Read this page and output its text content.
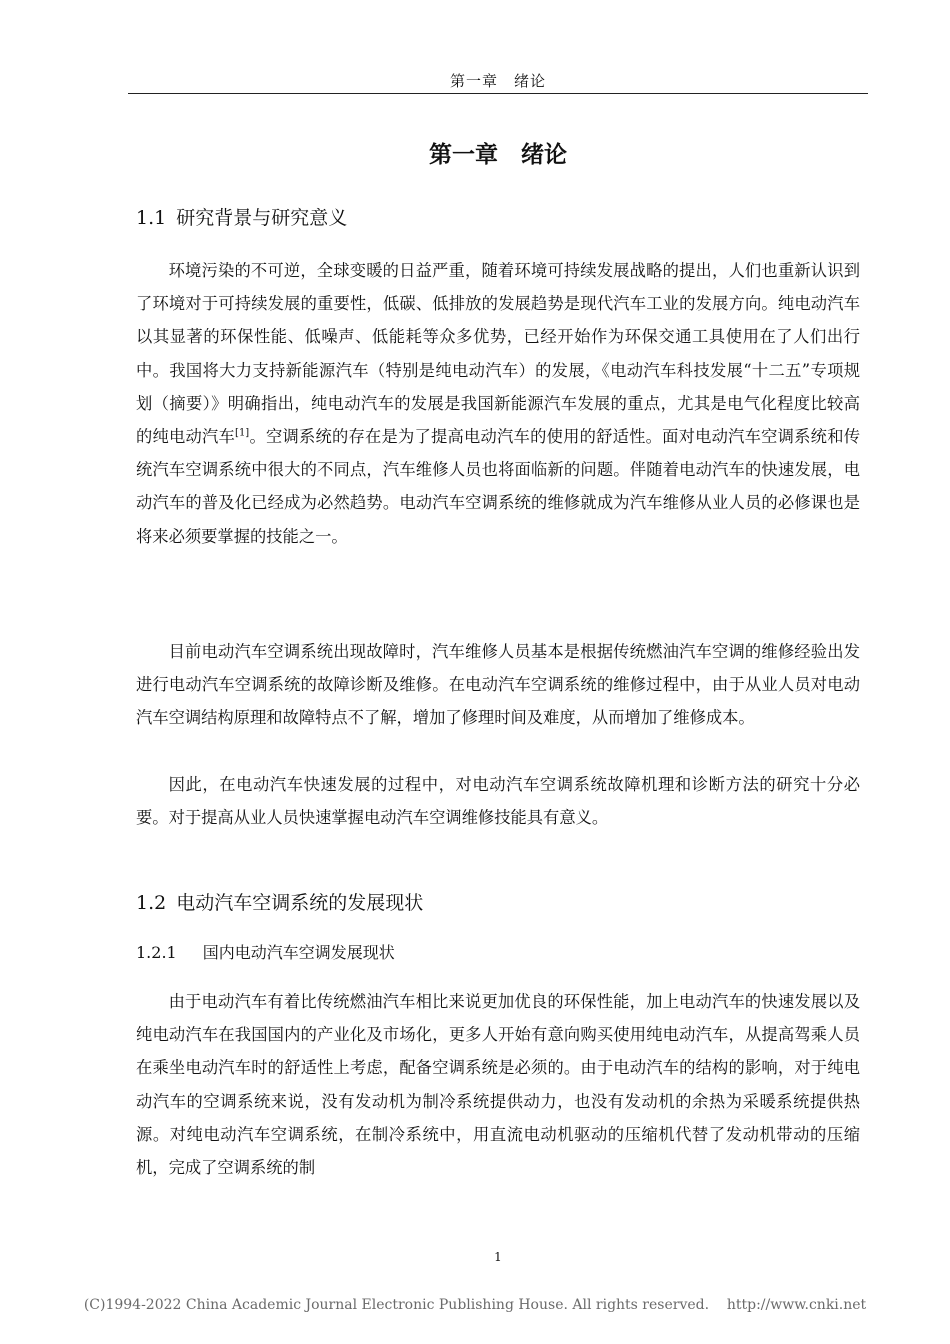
第一章　绪论
第一章　绪论
1.1 研究背景与研究意义

环境污染的不可逆，全球变暖的日益严重，随着环境可持续发展战略的提出，人们也重新认识到了环境对于可持续发展的重要性，低碳、低排放的发展趋势是现代汽车工业的发展方向。纯电动汽车以其显著的环保性能、低噪声、低能耗等众多优势，已经开始作为环保交通工具使用在了人们出行中。我国将大力支持新能源汽车（特别是纯电动汽车）的发展，《电动汽车科技发展“十二五”专项规划（摘要）》明确指出，纯电动汽车的发展是我国新能源汽车发展的重点，尤其是电气化程度比较高的纯电动汽车[1]。空调系统的存在是为了提高电动汽车的使用的舒适性。面对电动汽车空调系统和传统汽车空调系统中很大的不同点，汽车维修人员也将面临新的问题。伴随着电动汽车的快速发展，电动汽车的普及化已经成为必然趋势。电动汽车空调系统的维修就成为汽车维修从业人员的必修课也是将来必须要掌握的技能之一。

目前电动汽车空调系统出现故障时，汽车维修人员基本是根据传统燃油汽车空调的维修经验出发进行电动汽车空调系统的故障诊断及维修。在电动汽车空调系统的维修过程中，由于从业人员对电动汽车空调结构原理和故障特点不了解，增加了修理时间及难度，从而增加了维修成本。

因此，在电动汽车快速发展的过程中，对电动汽车空调系统故障机理和诊断方法的研究十分必要。对于提高从业人员快速掌握电动汽车空调维修技能具有意义。

1.2 电动汽车空调系统的发展现状
1.2.1 国内电动汽车空调发展现状

由于电动汽车有着比传统燃油汽车相比来说更加优良的环保性能，加上电动汽车的快速发展以及纯电动汽车在我国国内的产业化及市场化，更多人开始有意向购买使用纯电动汽车，从提高驾乘人员在乘坐电动汽车时的舒适性上考虑，配备空调系统是必须的。由于电动汽车的结构的影响，对于纯电动汽车的空调系统来说，没有发动机为制冷系统提供动力，也没有发动机的余热为采暖系统提供热源。对纯电动汽车空调系统，在制冷系统中，用直流电动机驱动的压缩机代替了发动机带动的压缩机，完成了空调系统的制

1
(C)1994-2022 China Academic Journal Electronic Publishing House. All rights reserved.    http://www.cnki.net
